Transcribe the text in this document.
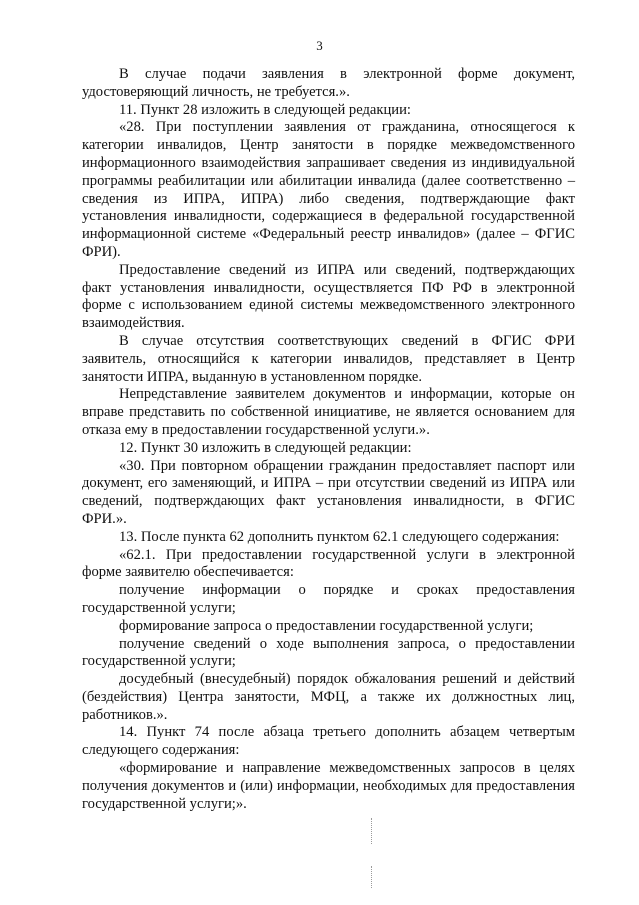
3

В случае подачи заявления в электронной форме документ, удостоверяющий личность, не требуется.».

11. Пункт 28 изложить в следующей редакции:

«28. При поступлении заявления от гражданина, относящегося к категории инвалидов, Центр занятости в порядке межведомственного информационного взаимодействия запрашивает сведения из индивидуальной программы реабилитации или абилитации инвалида (далее соответственно – сведения из ИПРА, ИПРА) либо сведения, подтверждающие факт установления инвалидности, содержащиеся в федеральной государственной информационной системе «Федеральный реестр инвалидов» (далее – ФГИС ФРИ).

Предоставление сведений из ИПРА или сведений, подтверждающих факт установления инвалидности, осуществляется ПФ РФ в электронной форме с использованием единой системы межведомственного электронного взаимодействия.

В случае отсутствия соответствующих сведений в ФГИС ФРИ заявитель, относящийся к категории инвалидов, представляет в Центр занятости ИПРА, выданную в установленном порядке.

Непредставление заявителем документов и информации, которые он вправе представить по собственной инициативе, не является основанием для отказа ему в предоставлении государственной услуги.».

12. Пункт 30 изложить в следующей редакции:

«30. При повторном обращении гражданин предоставляет паспорт или документ, его заменяющий, и ИПРА – при отсутствии сведений из ИПРА или сведений, подтверждающих факт установления инвалидности, в ФГИС ФРИ.».

13. После пункта 62 дополнить пунктом 62.1 следующего содержания:

«62.1. При предоставлении государственной услуги в электронной форме заявителю обеспечивается:

получение информации о порядке и сроках предоставления государственной услуги;

формирование запроса о предоставлении государственной услуги;

получение сведений о ходе выполнения запроса, о предоставлении государственной услуги;

досудебный (внесудебный) порядок обжалования решений и действий (бездействия) Центра занятости, МФЦ, а также их должностных лиц, работников.».

14. Пункт 74 после абзаца третьего дополнить абзацем четвертым следующего содержания:

«формирование и направление межведомственных запросов в целях получения документов и (или) информации, необходимых для предоставления государственной услуги;».
